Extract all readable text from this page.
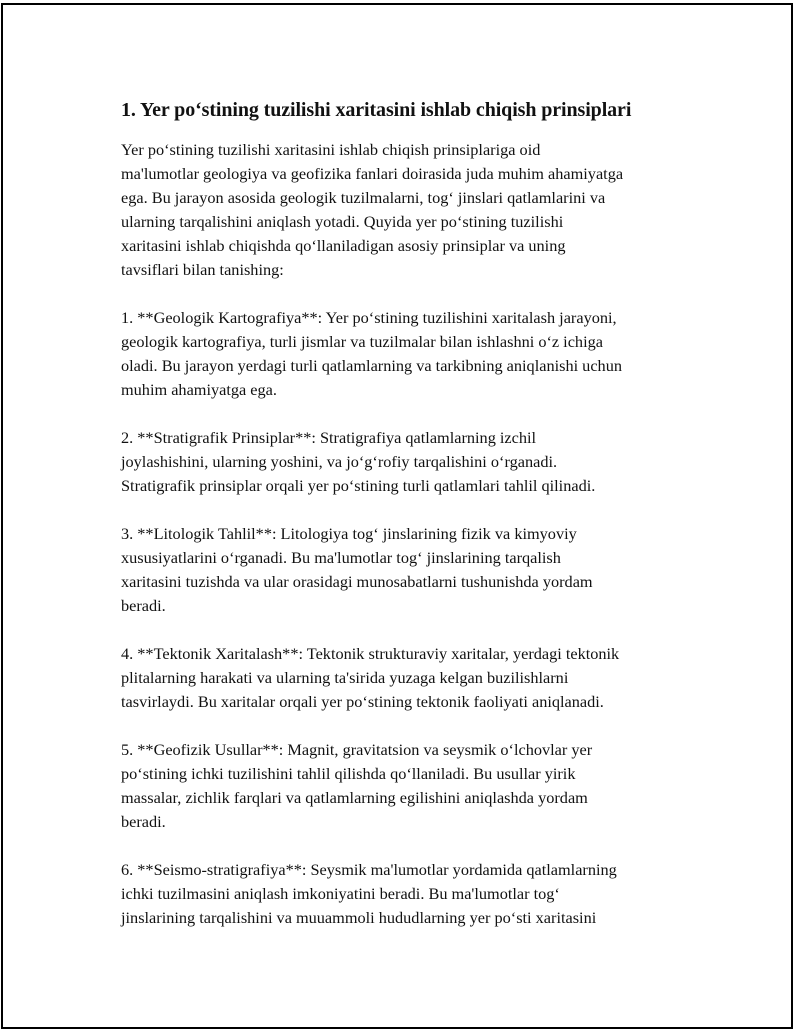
1. Yer po‘stining tuzilishi xaritasini ishlab chiqish prinsiplari
Yer po‘stining tuzilishi xaritasini ishlab chiqish prinsiplariga oid
ma'lumotlar geologiya va geofizika fanlari doirasida juda muhim ahamiyatga
ega. Bu jarayon asosida geologik tuzilmalarni, tog‘ jinslari qatlamlarini va
ularning tarqalishini aniqlash yotadi. Quyida yer po‘stining tuzilishi
xaritasini ishlab chiqishda qo‘llaniladigan asosiy prinsiplar va uning
tavsiflari bilan tanishing:
1. **Geologik Kartografiya**: Yer po‘stining tuzilishini xaritalash jarayoni,
geologik kartografiya, turli jismlar va tuzilmalar bilan ishlashni o‘z ichiga
oladi. Bu jarayon yerdagi turli qatlamlarning va tarkibning aniqlanishi uchun
muhim ahamiyatga ega.
2. **Stratigrafik Prinsiplar**: Stratigrafiya qatlamlarning izchil
joylashishini, ularning yoshini, va jo‘g‘rofiy tarqalishini o‘rganadi.
Stratigrafik prinsiplar orqali yer po‘stining turli qatlamlari tahlil qilinadi.
3. **Litologik Tahlil**: Litologiya tog‘ jinslarining fizik va kimyoviy
xususiyatlarini o‘rganadi. Bu ma'lumotlar tog‘ jinslarining tarqalish
xaritasini tuzishda va ular orasidagi munosabatlarni tushunishda yordam
beradi.
4. **Tektonik Xaritalash**: Tektonik strukturaviy xaritalar, yerdagi tektonik
plitalarning harakati va ularning ta'sirida yuzaga kelgan buzilishlarni
tasvirlaydi. Bu xaritalar orqali yer po‘stining tektonik faoliyati aniqlanadi.
5. **Geofizik Usullar**: Magnit, gravitatsion va seysmik o‘lchovlar yer
po‘stining ichki tuzilishini tahlil qilishda qo‘llaniladi. Bu usullar yirik
massalar, zichlik farqlari va qatlamlarning egilishini aniqlashda yordam
beradi.
6. **Seismo-stratigrafiya**: Seysmik ma'lumotlar yordamida qatlamlarning
ichki tuzilmasini aniqlash imkoniyatini beradi. Bu ma'lumotlar tog‘
jinslarining tarqalishini va muuammoli hududlarning yer po‘sti xaritasini
